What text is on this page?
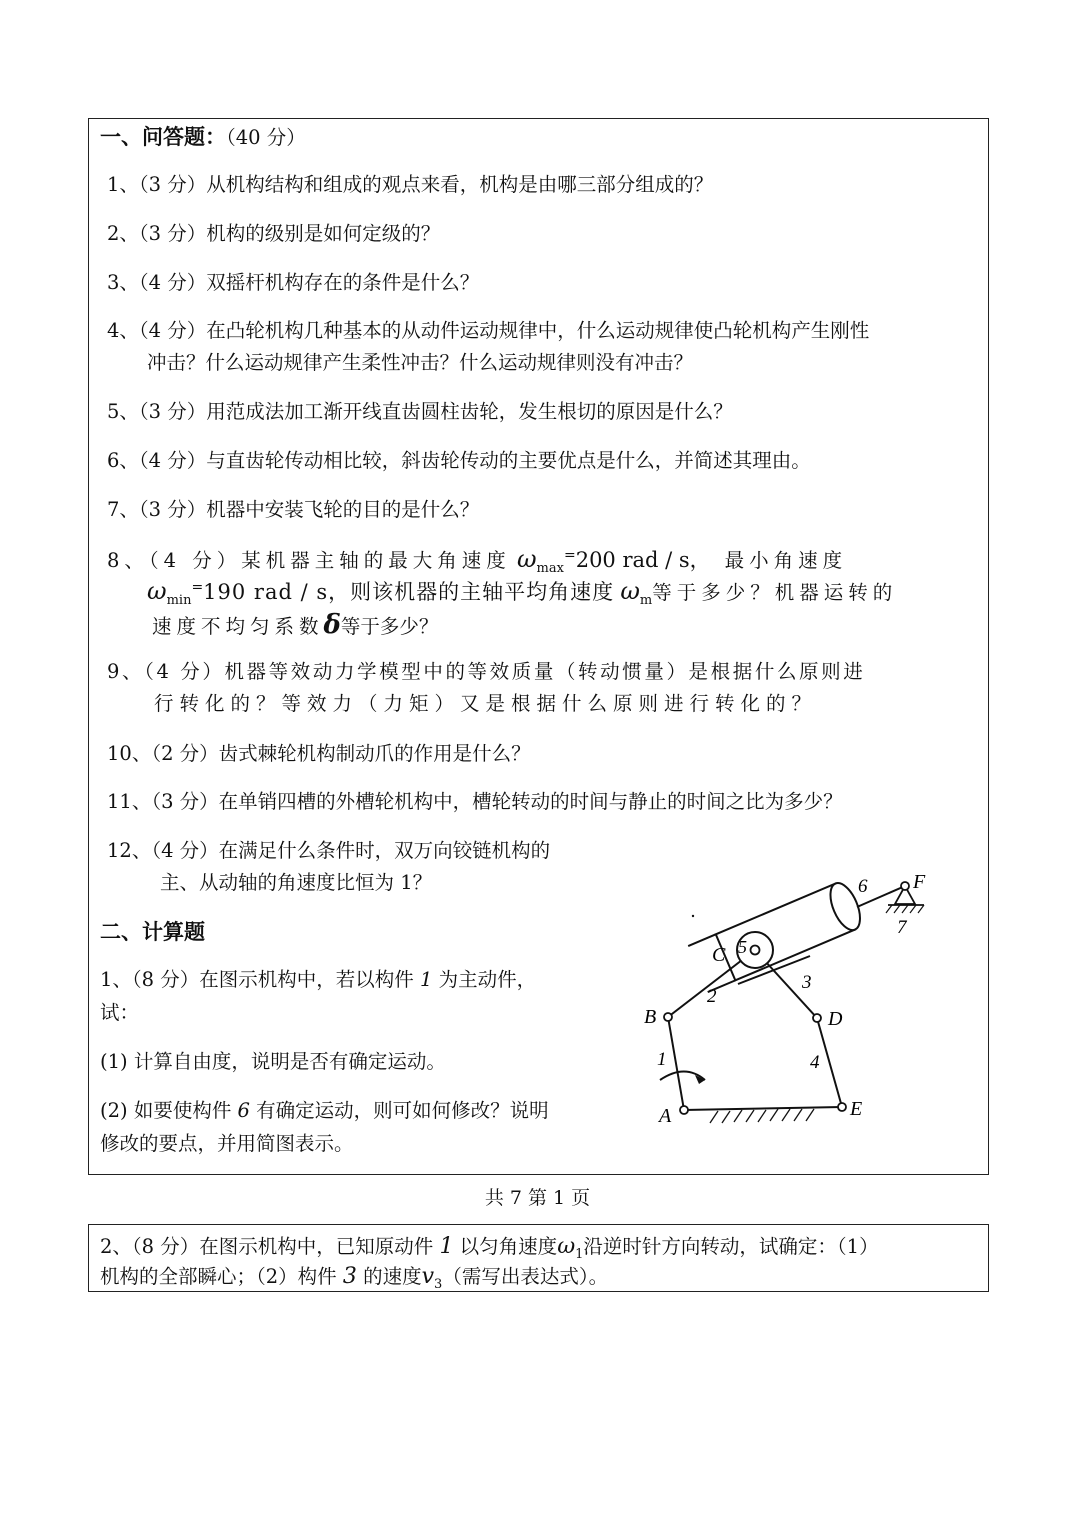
一、问答题：（40 分）
1、（3 分）从机构结构和组成的观点来看，机构是由哪三部分组成的？
2、（3 分）机构的级别是如何定级的？
3、（4 分）双摇杆机构存在的条件是什么？
4、（4 分）在凸轮机构几种基本的从动件运动规律中，什么运动规律使凸轮机构产生刚性
冲击？什么运动规律产生柔性冲击？什么运动规律则没有冲击？
5、（3 分）用范成法加工渐开线直齿圆柱齿轮，发生根切的原因是什么？
6、（4 分）与直齿轮传动相比较，斜齿轮传动的主要优点是什么，并简述其理由。
7、（3 分）机器中安装飞轮的目的是什么？
8、（4 分）某机器主轴的最大角速度 $\omega_{max}^=200$ rad / s， 最小角速度
$\omega_{min}^=190$ rad / s，则该机器的主轴平均角速度 $\omega_m$等于多少？机器运转的
速度不均匀系数δ等于多少？
9、（4 分）机器等效动力学模型中的等效质量（转动惯量）是根据什么原则进
行转化的？等效力（力矩）又是根据什么原则进行转化的？
10、（2 分）齿式棘轮机构制动爪的作用是什么？
11、（3 分）在单销四槽的外槽轮机构中，槽轮转动的时间与静止的时间之比为多少？
12、（4 分）在满足什么条件时，双万向铰链机构的
主、从动轴的角速度比恒为 1？
二、计算题
1、（8 分）在图示机构中，若以构件 1 为主动件，
试：
(1) 计算自由度，说明是否有确定运动。
(2) 如要使构件 6 有确定运动，则可如何修改？说明
修改的要点，并用简图表示。
A
B
C
D
E
F
1
2
3
4
5
6
7
共 7 第 1 页
2、（8 分）在图示机构中，已知原动件 1 以匀角速度$\omega_1$沿逆时针方向转动，试确定：（1）
机构的全部瞬心；（2）构件 3 的速度$v_3$（需写出表达式）。
